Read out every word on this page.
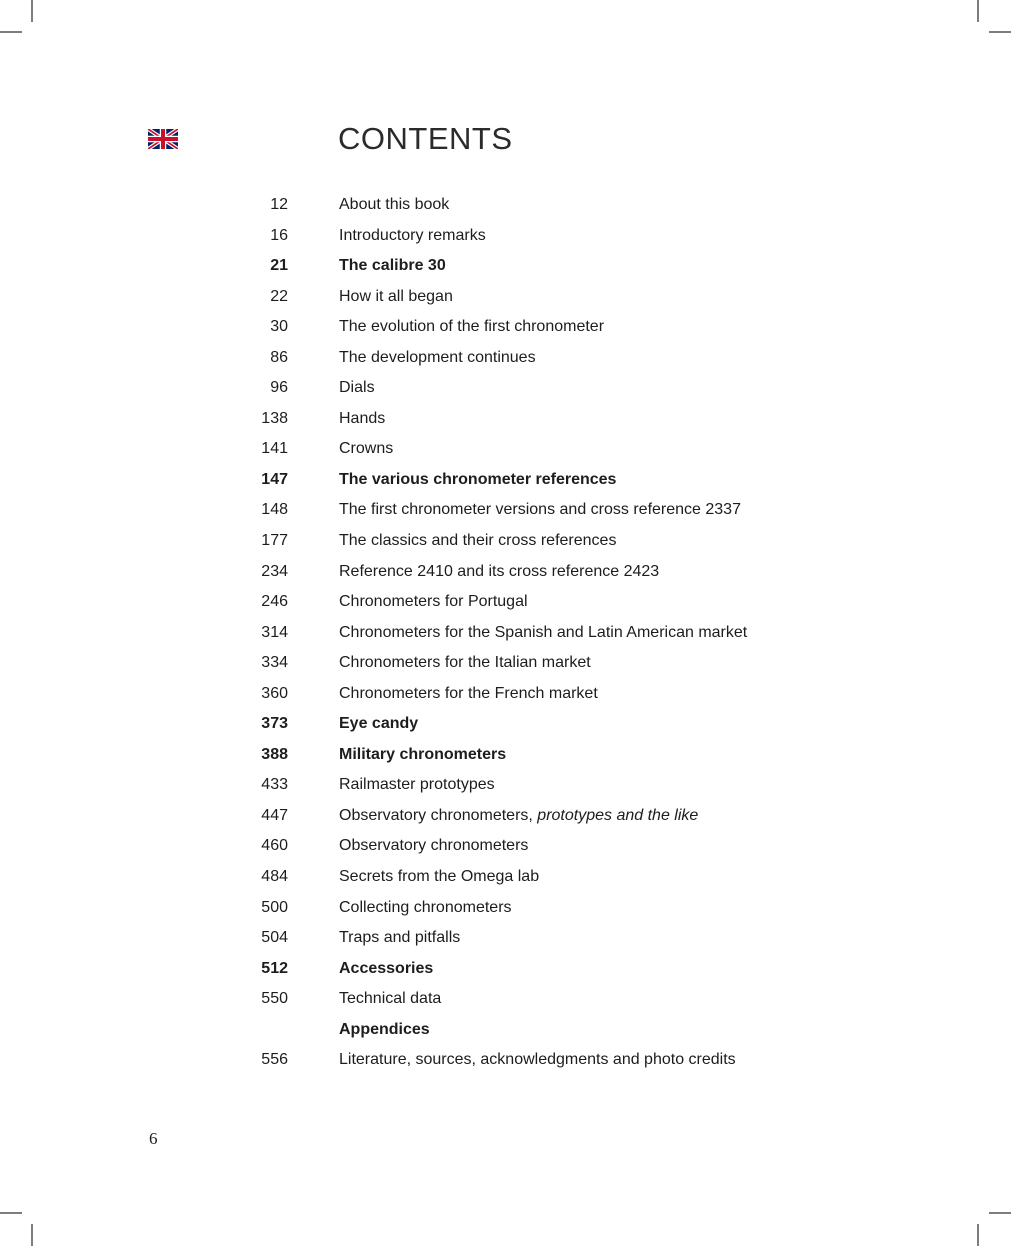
CONTENTS
12	About this book
16	Introductory remarks
21	The calibre 30
22	How it all began
30	The evolution of the first chronometer
86	The development continues
96	Dials
138	Hands
141	Crowns
147	The various chronometer references
148	The first chronometer versions and cross reference 2337
177	The classics and their cross references
234	Reference 2410 and its cross reference 2423
246	Chronometers for Portugal
314	Chronometers for the Spanish and Latin American market
334	Chronometers for the Italian market
360	Chronometers for the French market
373	Eye candy
388	Military chronometers
433	Railmaster prototypes
447	Observatory chronometers, prototypes and the like
460	Observatory chronometers
484	Secrets from the Omega lab
500	Collecting chronometers
504	Traps and pitfalls
512	Accessories
550	Technical data
Appendices
556	Literature, sources, acknowledgments and photo credits
6
